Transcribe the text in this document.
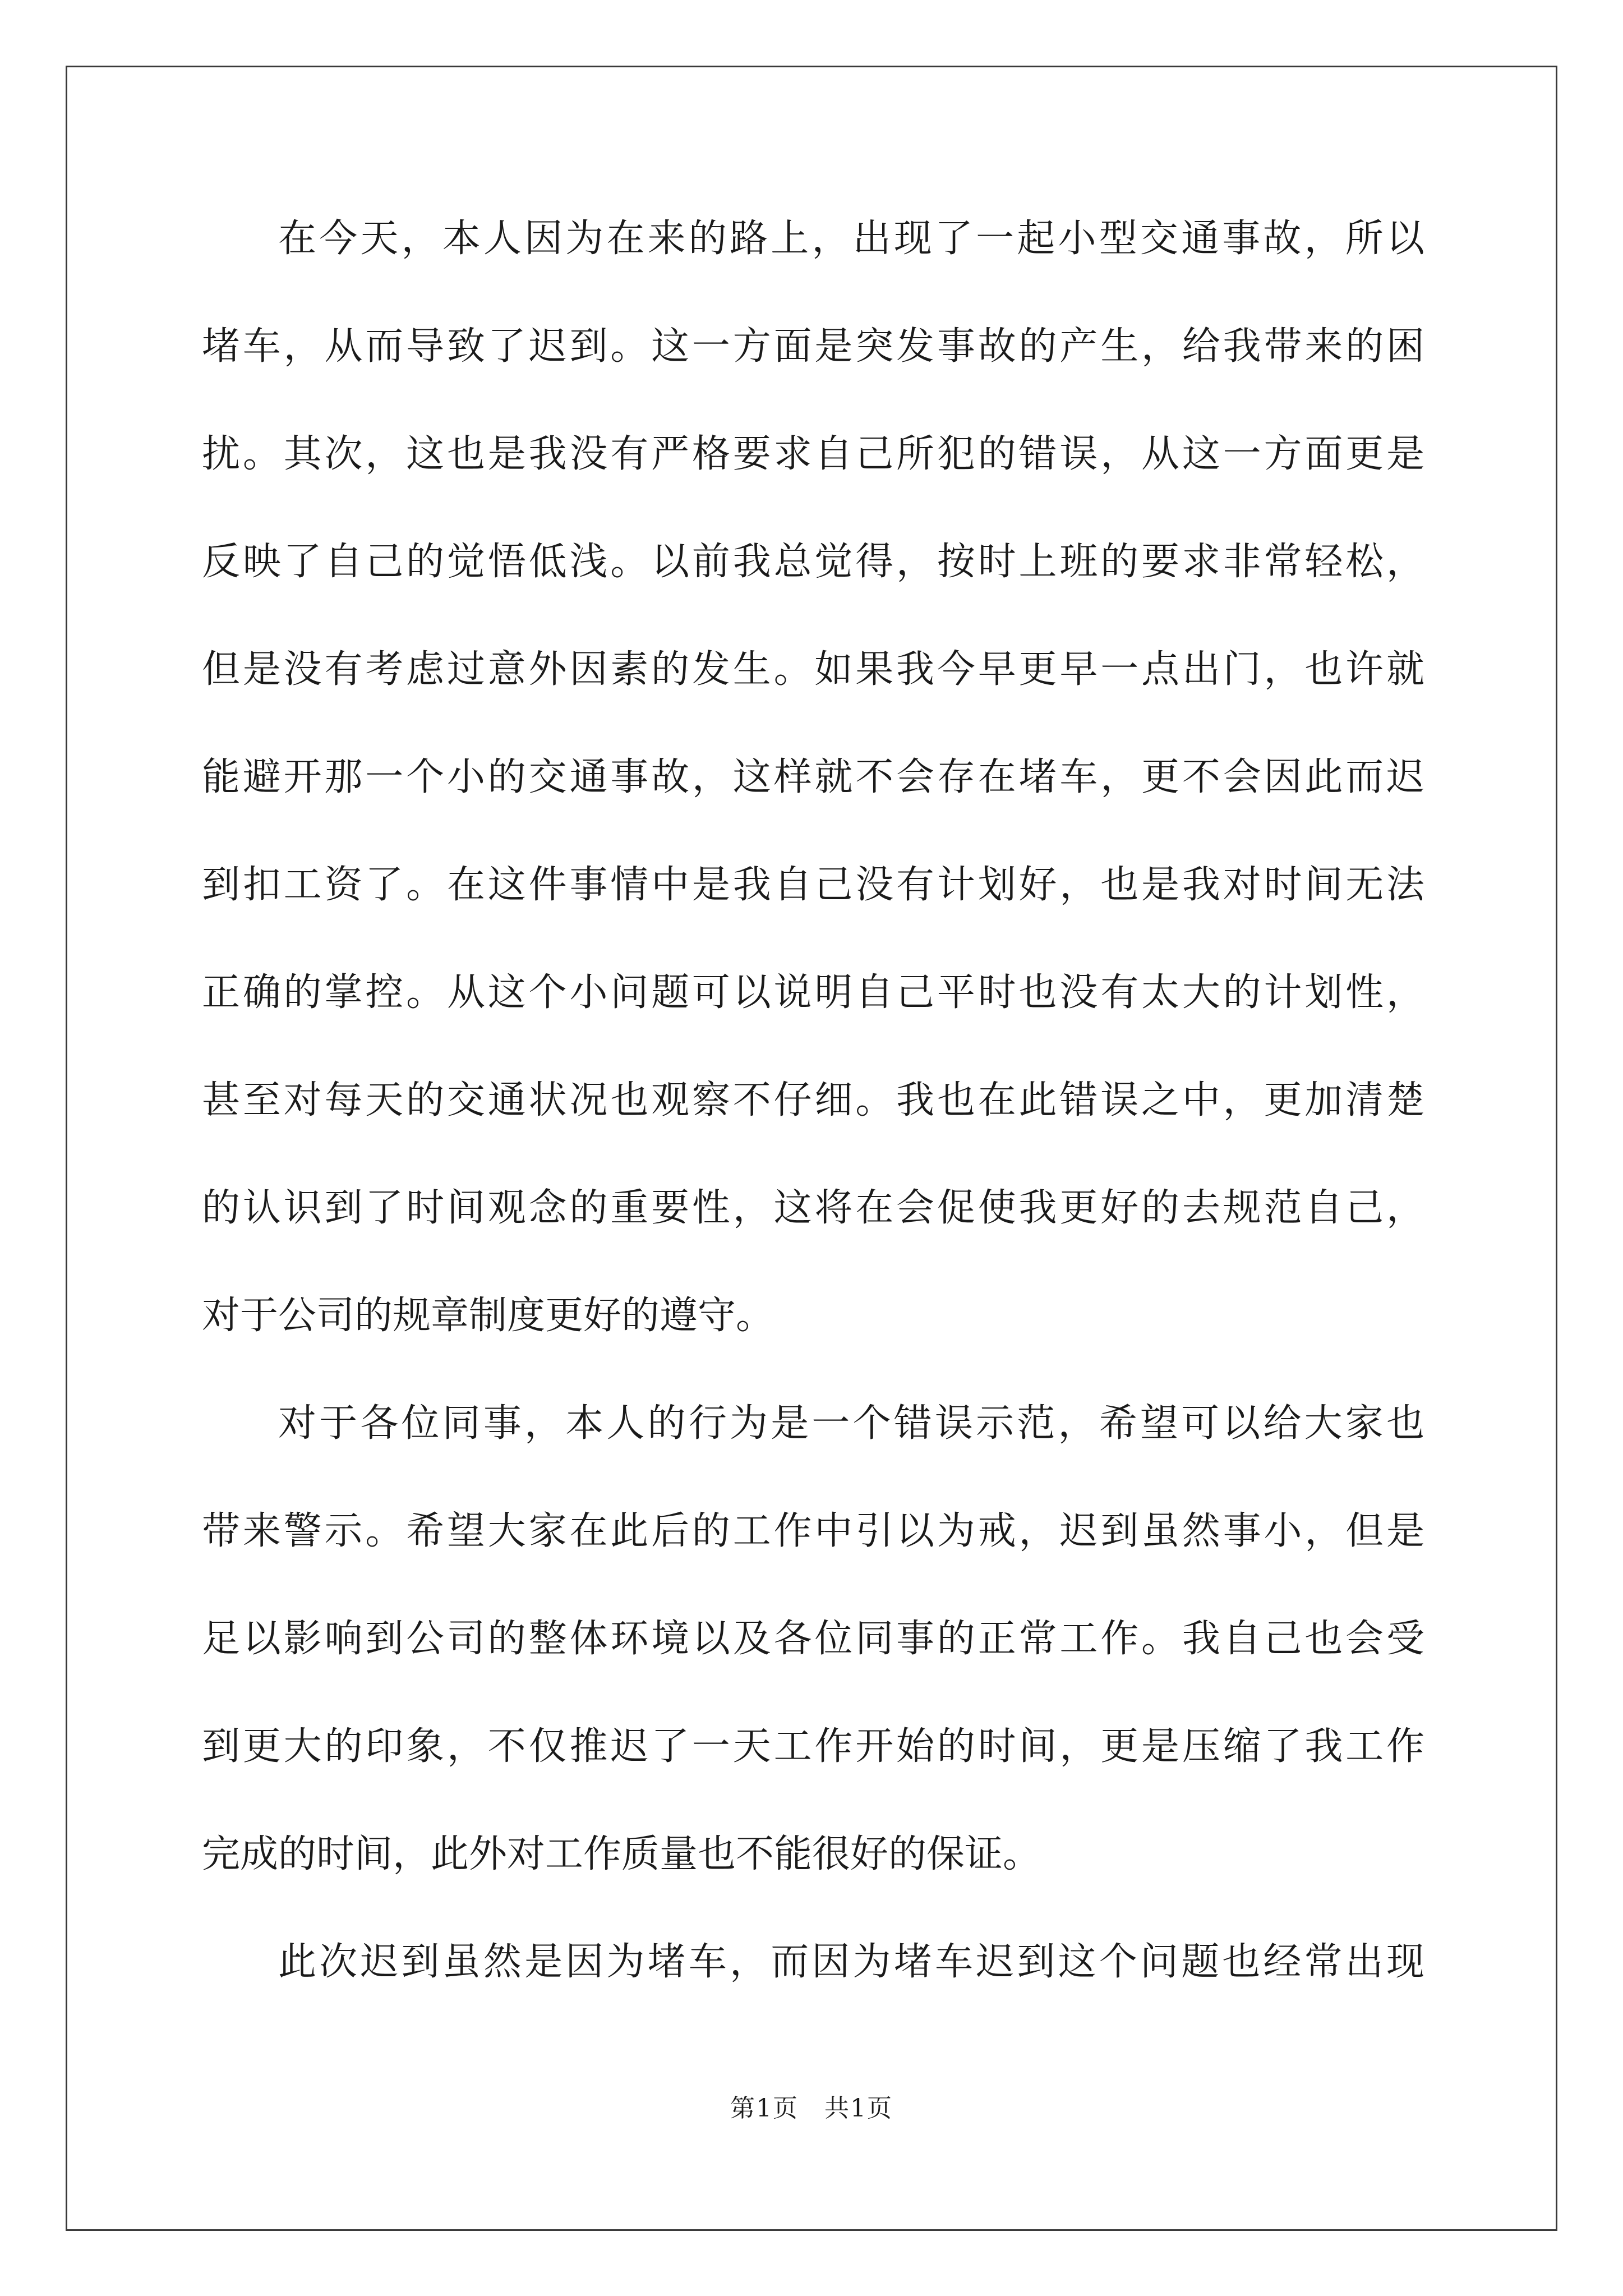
在今天，本人因为在来的路上，出现了一起小型交通事故，所以
堵车，从而导致了迟到。这一方面是突发事故的产生，给我带来的困
扰。其次，这也是我没有严格要求自己所犯的错误，从这一方面更是
反映了自己的觉悟低浅。以前我总觉得，按时上班的要求非常轻松，
但是没有考虑过意外因素的发生。如果我今早更早一点出门，也许就
能避开那一个小的交通事故，这样就不会存在堵车，更不会因此而迟
到扣工资了。在这件事情中是我自己没有计划好，也是我对时间无法
正确的掌控。从这个小问题可以说明自己平时也没有太大的计划性，
甚至对每天的交通状况也观察不仔细。我也在此错误之中，更加清楚
的认识到了时间观念的重要性，这将在会促使我更好的去规范自己，
对于公司的规章制度更好的遵守。
对于各位同事，本人的行为是一个错误示范，希望可以给大家也
带来警示。希望大家在此后的工作中引以为戒，迟到虽然事小，但是
足以影响到公司的整体环境以及各位同事的正常工作。我自己也会受
到更大的印象，不仅推迟了一天工作开始的时间，更是压缩了我工作
完成的时间，此外对工作质量也不能很好的保证。
此次迟到虽然是因为堵车，而因为堵车迟到这个问题也经常出现
第1页　共1页
